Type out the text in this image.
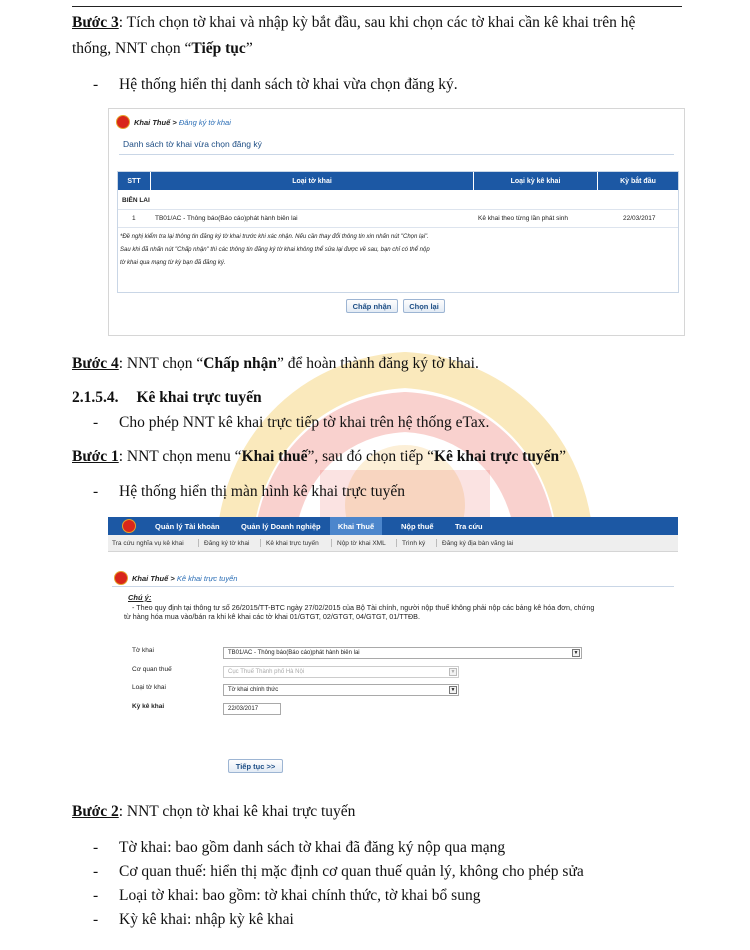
Bước 3: Tích chọn tờ khai và nhập kỳ bắt đầu, sau khi chọn các tờ khai cần kê khai trên hệ
thống, NNT chọn “Tiếp tục”
- Hệ thống hiển thị danh sách tờ khai vừa chọn đăng ký.
Khai Thuế > Đăng ký tờ khai
Danh sách tờ khai vừa chọn đăng ký
STT	Loại tờ khai	Loại kỳ kê khai	Kỳ bắt đầu
BIÊN LAI
1	TB01/AC - Thông báo(Báo cáo)phát hành biên lai	Kê khai theo từng lần phát sinh	22/03/2017
*Đề nghị kiểm tra lại thông tin đăng ký tờ khai trước khi xác nhận. Nếu cần thay đổi thông tin xin nhấn nút "Chọn lại".
Sau khi đã nhấn nút "Chấp nhận" thì các thông tin đăng ký tờ khai không thể sửa lại được về sau, bạn chỉ có thể nộp
tờ khai qua mạng từ kỳ bạn đã đăng ký.
Chấp nhận	Chọn lại
Bước 4: NNT chọn “Chấp nhận” để hoàn thành đăng ký tờ khai.
2.1.5.4. Kê khai trực tuyến
- Cho phép NNT kê khai trực tiếp tờ khai trên hệ thống eTax.
Bước 1: NNT chọn menu “Khai thuế”, sau đó chọn tiếp “Kê khai trực tuyến”
- Hệ thống hiển thị màn hình kê khai trực tuyến
Quản lý Tài khoản	Quản lý Doanh nghiệp	Khai Thuế	Nộp thuế	Tra cứu
Tra cứu nghĩa vụ kê khai	Đăng ký tờ khai	Kê khai trực tuyến	Nộp tờ khai XML	Trình ký	Đăng ký địa bàn vãng lai
Khai Thuế > Kê khai trực tuyến
Chú ý:
- Theo quy định tại thông tư số 26/2015/TT-BTC ngày 27/02/2015 của Bộ Tài chính, người nộp thuế không phải nộp các bảng kê hóa đơn, chứng
từ hàng hóa mua vào/bán ra khi kê khai các tờ khai 01/GTGT, 02/GTGT, 04/GTGT, 01/TTĐB.
Tờ khai	TB01/AC - Thông báo(Báo cáo)phát hành biên lai	▼
Cơ quan thuế	Cục Thuế Thành phố Hà Nội	▼
Loại tờ khai	Tờ khai chính thức	▼
Kỳ kê khai	22/03/2017
Tiếp tục >>
Bước 2: NNT chọn tờ khai kê khai trực tuyến
- Tờ khai: bao gồm danh sách tờ khai đã đăng ký nộp qua mạng
- Cơ quan thuế: hiển thị mặc định cơ quan thuế quản lý, không cho phép sửa
- Loại tờ khai: bao gồm: tờ khai chính thức, tờ khai bổ sung
- Kỳ kê khai: nhập kỳ kê khai
